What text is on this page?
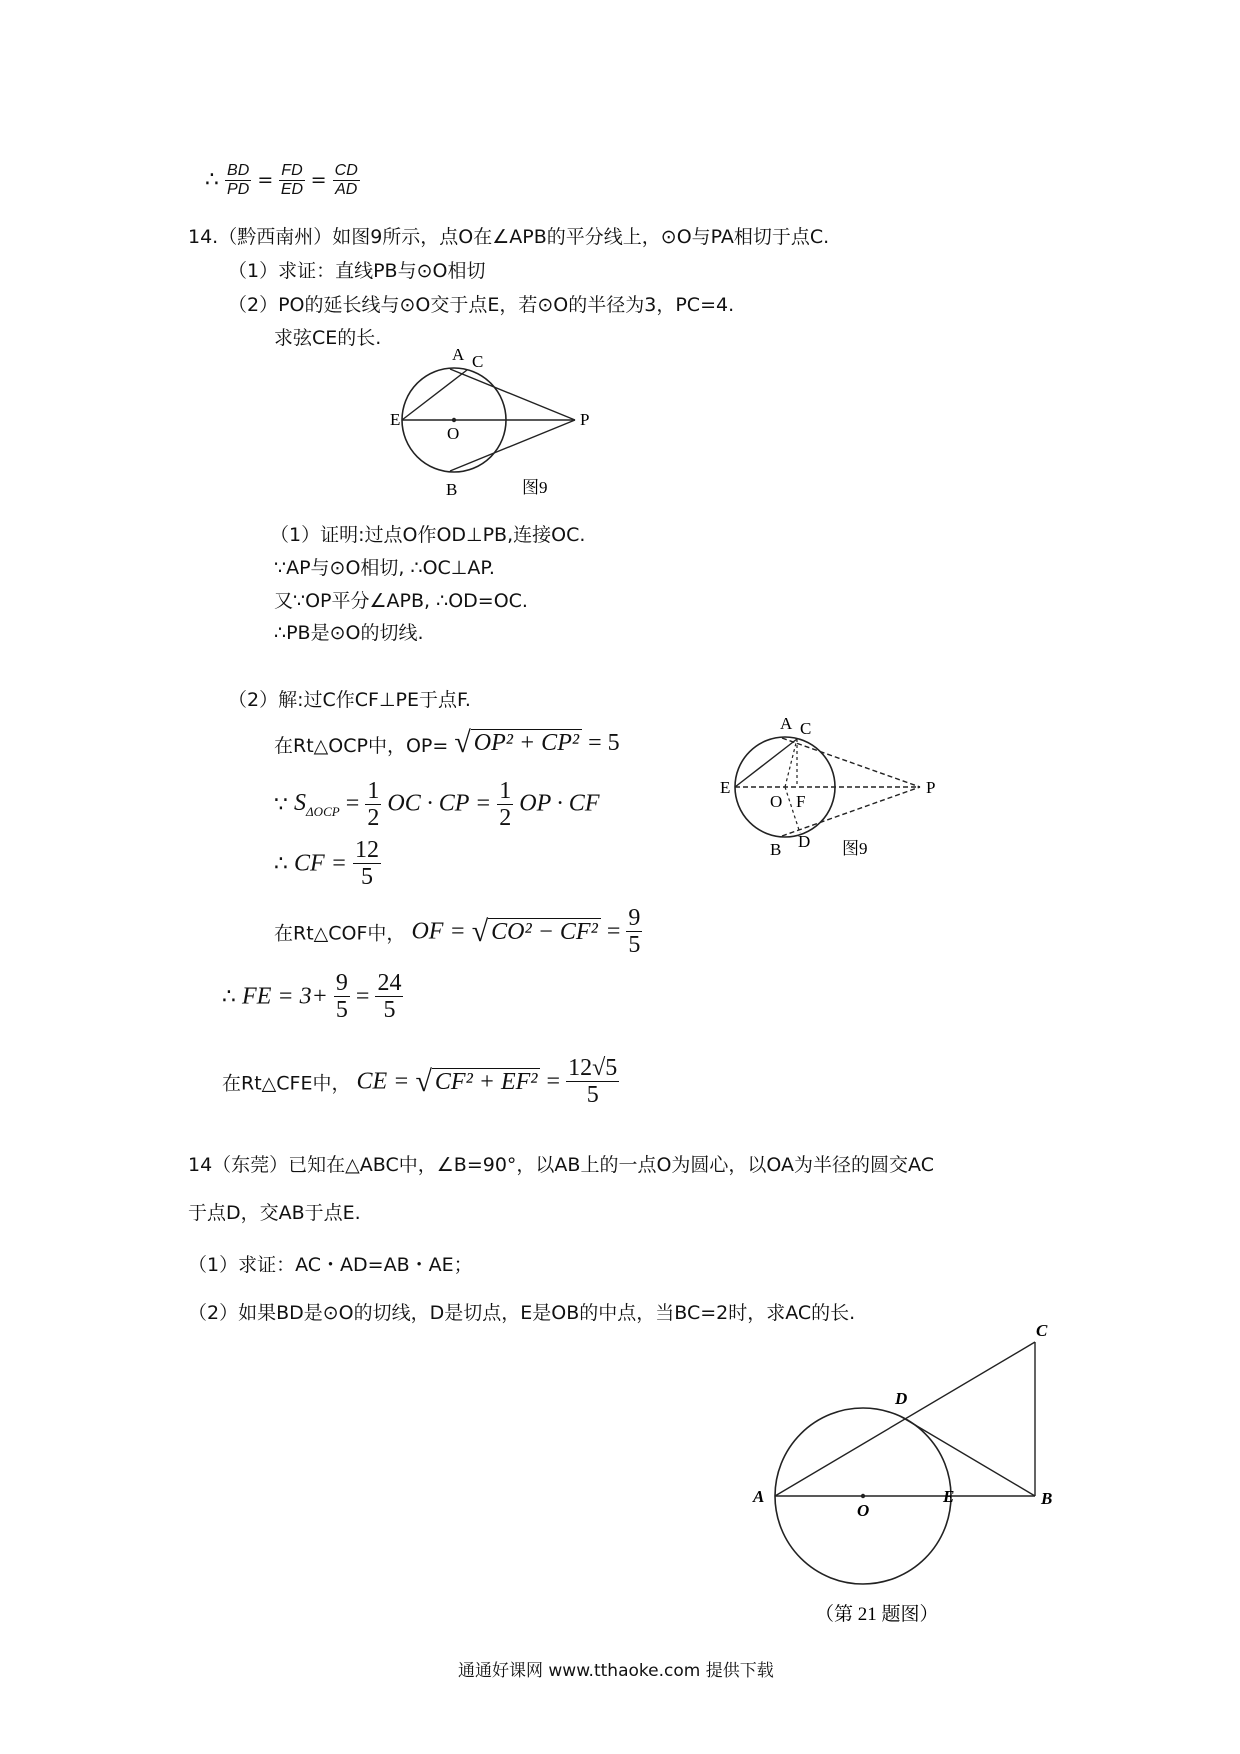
∴ $\frac{BD}{PD} = \frac{FD}{ED} = \frac{CD}{AD}$
14.（黔西南州）如图9所示，点O在∠APB的平分线上，⊙O与PA相切于点C.
（1）求证：直线PB与⊙O相切
（2）PO的延长线与⊙O交于点E，若⊙O的半径为3，PC=4.
求弦CE的长.
A C
E
O
P
B	图9
（1）证明:过点O作OD⊥PB,连接OC.
∵AP与⊙O相切, ∴OC⊥AP.
又∵OP平分∠APB, ∴OD=OC.
∴PB是⊙O的切线.
（2）解:过C作CF⊥PE于点F.
在Rt△OCP中，OP= √ OP² + CP² = 5
∵ $S_{\Delta OCP} = \frac{1}{2}$ OC · CP = $\frac{1}{2}$ OP · CF
∴ CF = $\frac{12}{5}$
在Rt△COF中， OF = √ $CO^2 - CF^2 = \frac{9}{5}$
∴ FE = $3+ \frac{9}{5} = \frac{24}{5}$
在Rt△CFE中， CE = √ $CF^2 + EF^2 = \frac{12√5}{5}$
A C
E
O F
P
B D 图9
14（东莞）已知在△ABC中，∠B=90°，以AB上的一点O为圆心，以OA为半径的圆交AC
于点D，交AB于点E.
（1）求证：AC・AD=AB・AE；
（2）如果BD是⊙O的切线，D是切点，E是OB的中点，当BC=2时，求AC的长.
A
O
E	B
C
D
（第 21 题图）
通通好课网 www.tthaoke.com 提供下载
